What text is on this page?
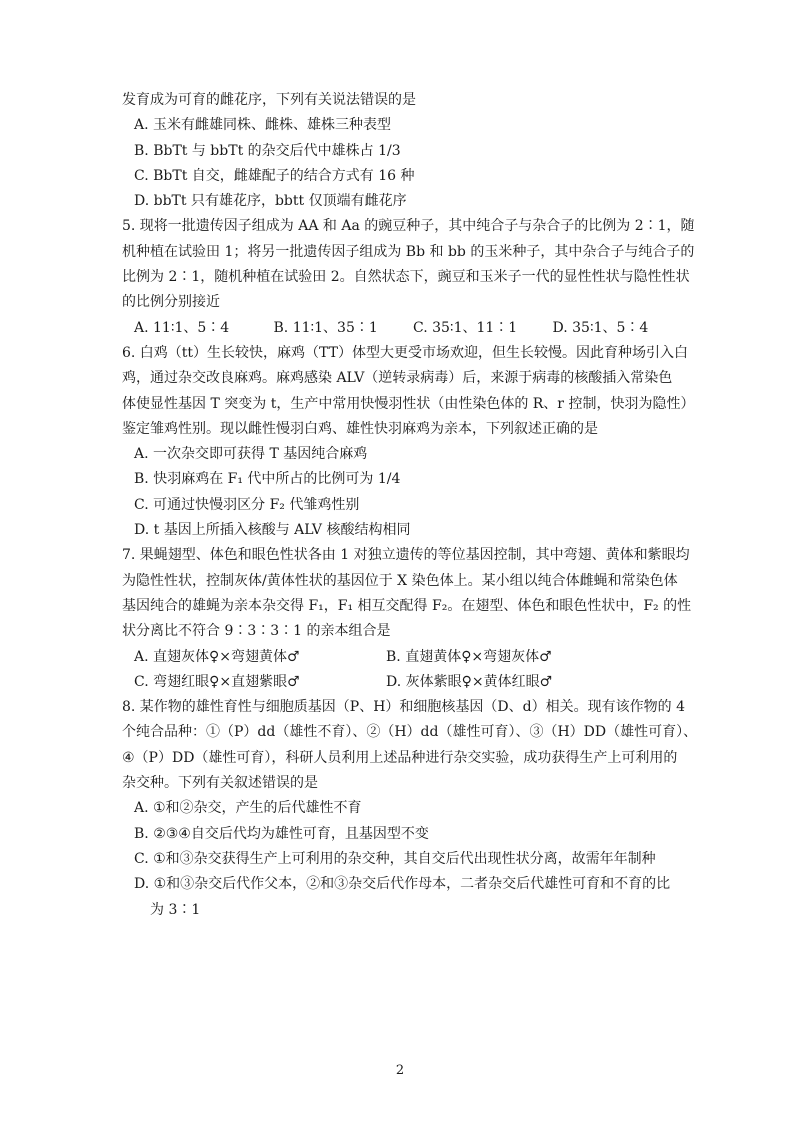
发育成为可育的雌花序，下列有关说法错误的是
A. 玉米有雌雄同株、雌株、雄株三种表型
B. BbTt 与 bbTt 的杂交后代中雄株占 1/3
C. BbTt 自交，雌雄配子的结合方式有 16 种
D. bbTt 只有雄花序，bbtt 仅顶端有雌花序
5. 现将一批遗传因子组成为 AA 和 Aa 的豌豆种子，其中纯合子与杂合子的比例为 2∶1，随
机种植在试验田 1；将另一批遗传因子组成为 Bb 和 bb 的玉米种子，其中杂合子与纯合子的
比例为 2∶1，随机种植在试验田 2。自然状态下，豌豆和玉米子一代的显性性状与隐性性状
的比例分别接近
A. 11∶1、5∶4	B. 11∶1、35∶1	C. 35∶1、11∶1	D. 35∶1、5∶4
6. 白鸡（tt）生长较快，麻鸡（TT）体型大更受市场欢迎，但生长较慢。因此育种场引入白
鸡，通过杂交改良麻鸡。麻鸡感染 ALV（逆转录病毒）后，来源于病毒的核酸插入常染色
体使显性基因 T 突变为 t，生产中常用快慢羽性状（由性染色体的 R、r 控制，快羽为隐性）
鉴定雏鸡性别。现以雌性慢羽白鸡、雄性快羽麻鸡为亲本，下列叙述正确的是
A. 一次杂交即可获得 T 基因纯合麻鸡
B. 快羽麻鸡在 F₁ 代中所占的比例可为 1/4
C. 可通过快慢羽区分 F₂ 代雏鸡性别
D. t 基因上所插入核酸与 ALV 核酸结构相同
7. 果蝇翅型、体色和眼色性状各由 1 对独立遗传的等位基因控制，其中弯翅、黄体和紫眼均
为隐性性状，控制灰体/黄体性状的基因位于 X 染色体上。某小组以纯合体雌蝇和常染色体
基因纯合的雄蝇为亲本杂交得 F₁，F₁ 相互交配得 F₂。在翅型、体色和眼色性状中，F₂ 的性
状分离比不符合 9∶3∶3∶1 的亲本组合是
A. 直翅灰体♀×弯翅黄体♂	B. 直翅黄体♀×弯翅灰体♂
C. 弯翅红眼♀×直翅紫眼♂	D. 灰体紫眼♀×黄体红眼♂
8. 某作物的雄性育性与细胞质基因（P、H）和细胞核基因（D、d）相关。现有该作物的 4
个纯合品种：①（P）dd（雄性不育）、②（H）dd（雄性可育）、③（H）DD（雄性可育）、
④（P）DD（雄性可育），科研人员利用上述品种进行杂交实验，成功获得生产上可利用的
杂交种。下列有关叙述错误的是
A. ①和②杂交，产生的后代雄性不育
B. ②③④自交后代均为雄性可育，且基因型不变
C. ①和③杂交获得生产上可利用的杂交种，其自交后代出现性状分离，故需年年制种
D. ①和③杂交后代作父本，②和③杂交后代作母本，二者杂交后代雄性可育和不育的比
为 3∶1
2
